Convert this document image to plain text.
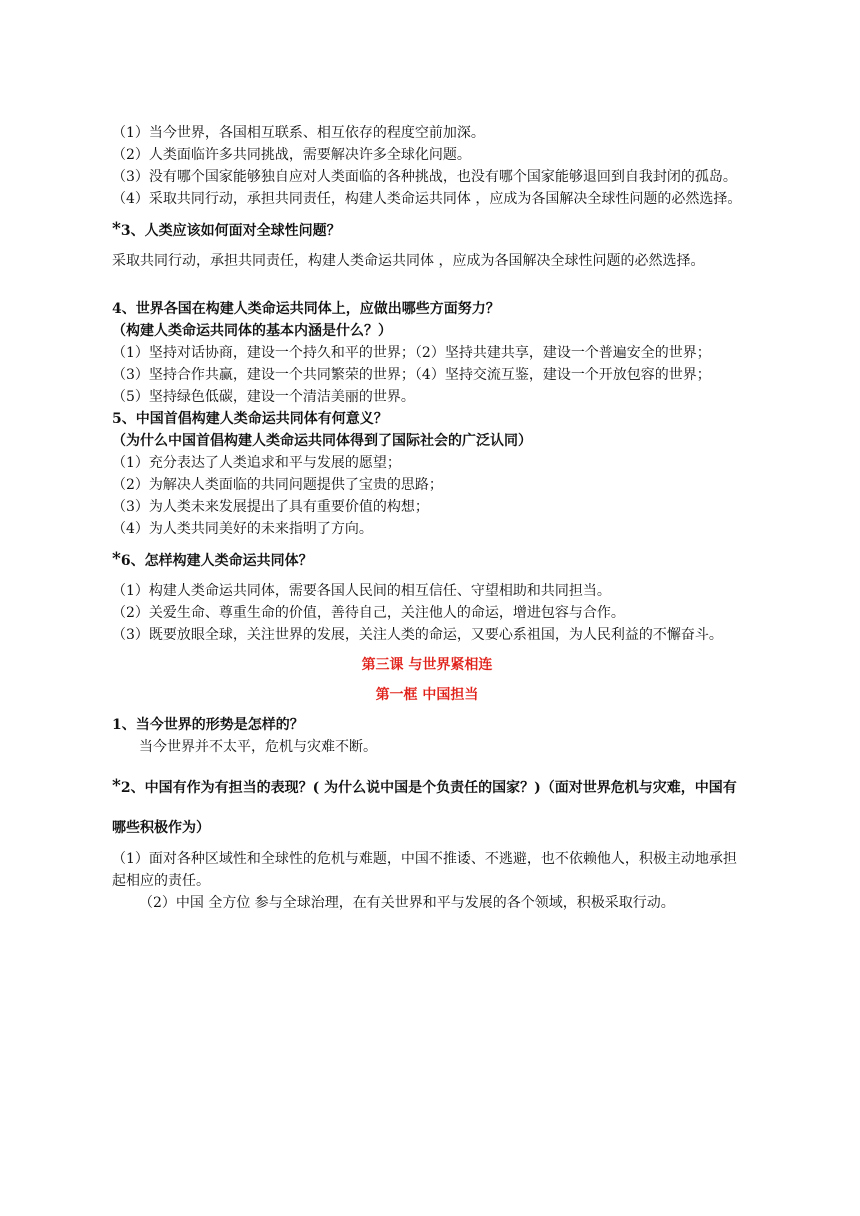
（1）当今世界，各国相互联系、相互依存的程度空前加深。

（2）人类面临许多共同挑战，需要解决许多全球化问题。

（3）没有哪个国家能够独自应对人类面临的各种挑战，也没有哪个国家能够退回到自我封闭的孤岛。

（4）采取共同行动，承担共同责任，构建人类命运共同体 ，应成为各国解决全球性问题的必然选择。

*3、人类应该如何面对全球性问题？

采取共同行动，承担共同责任，构建人类命运共同体 ，应成为各国解决全球性问题的必然选择。

4、世界各国在构建人类命运共同体上，应做出哪些方面努力？

（构建人类命运共同体的基本内涵是什么？）

（1）坚持对话协商，建设一个持久和平的世界；（2）坚持共建共享，建设一个普遍安全的世界；

（3）坚持合作共赢，建设一个共同繁荣的世界；（4）坚持交流互鉴，建设一个开放包容的世界；

（5）坚持绿色低碳，建设一个清洁美丽的世界。

5、中国首倡构建人类命运共同体有何意义？

（为什么中国首倡构建人类命运共同体得到了国际社会的广泛认同）

（1）充分表达了人类追求和平与发展的愿望；

（2）为解决人类面临的共同问题提供了宝贵的思路；

（3）为人类未来发展提出了具有重要价值的构想；

（4）为人类共同美好的未来指明了方向。

*6、怎样构建人类命运共同体？

（1）构建人类命运共同体，需要各国人民间的相互信任、守望相助和共同担当。

（2）关爱生命、尊重生命的价值，善待自己，关注他人的命运，增进包容与合作。

（3）既要放眼全球，关注世界的发展，关注人类的命运，又要心系祖国，为人民利益的不懈奋斗。

第三课 与世界紧相连

第一框 中国担当

1、当今世界的形势是怎样的？

当今世界并不太平，危机与灾难不断。

*2、中国有作为有担当的表现？( 为什么说中国是个负责任的国家？)（面对世界危机与灾难，中国有哪些积极作为）

（1）面对各种区域性和全球性的危机与难题，中国不推诿、不逃避，也不依赖他人，积极主动地承担起相应的责任。

（2）中国 全方位 参与全球治理，在有关世界和平与发展的各个领域，积极采取行动。
